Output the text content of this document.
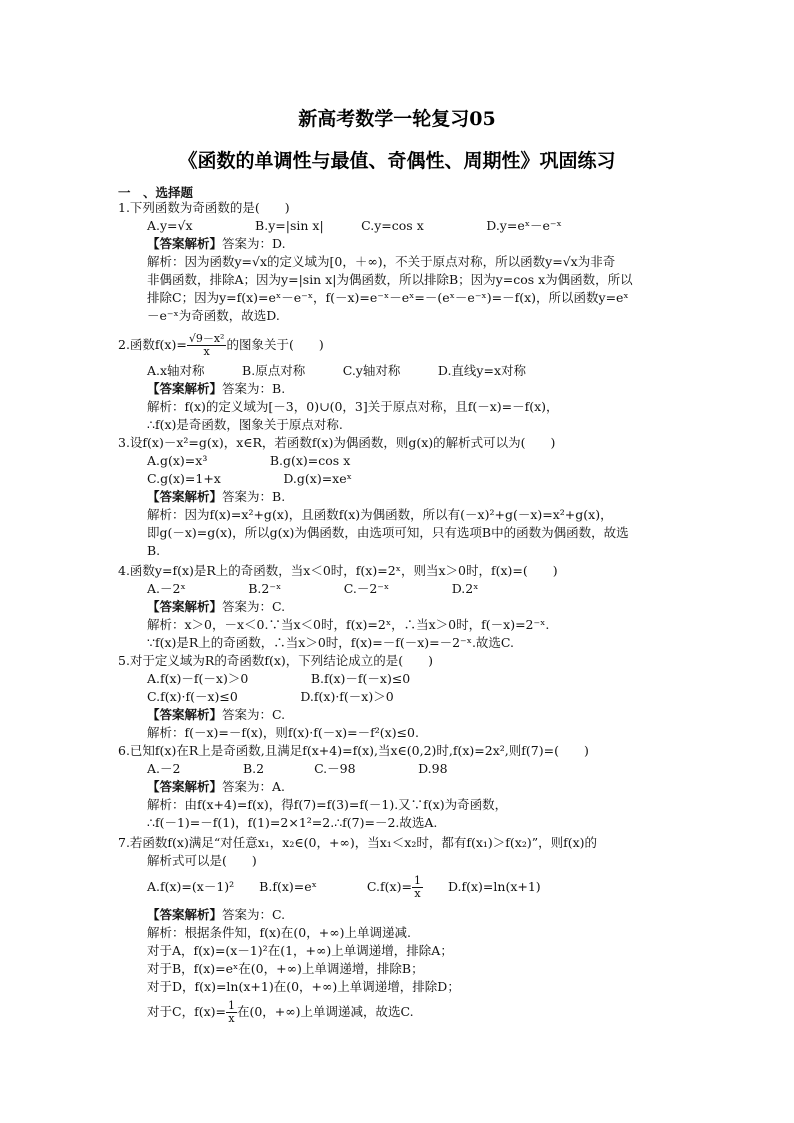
新高考数学一轮复习05
《函数的单调性与最值、奇偶性、周期性》巩固练习
一　、选择题
1.下列函数为奇函数的是(　　)
A.y=√x　　　　　B.y=|sin x|　　　C.y=cos x　　　　　D.y=eˣ－e⁻ˣ
【答案解析】答案为：D.
解析：因为函数y=√x的定义域为[0，＋∞)，不关于原点对称，所以函数y=√x为非奇
非偶函数，排除A；因为y=|sin x|为偶函数，所以排除B；因为y=cos x为偶函数，所以
排除C；因为y=f(x)=eˣ－e⁻ˣ，f(－x)=e⁻ˣ－eˣ=－(eˣ－e⁻ˣ)=－f(x)，所以函数y=eˣ
－e⁻ˣ为奇函数，故选D.
2.函数$f(x)= \frac{\text{√9－x²}}{x}$ 的图象关于(　　)
A.x轴对称　　　B.原点对称　　　C.y轴对称　　　D.直线y=x对称
【答案解析】答案为：B.
解析：f(x)的定义域为[－3，0)∪(0，3]关于原点对称，且f(－x)=－f(x)，
∴f(x)是奇函数，图象关于原点对称.
3.设f(x)－x²=g(x)，x∈R，若函数f(x)为偶函数，则g(x)的解析式可以为(　　)
A.g(x)=x³　　　　　B.g(x)=cos x
C.g(x)=1+x　　　　　D.g(x)=xeˣ
【答案解析】答案为：B.
解析：因为f(x)=x²+g(x)，且函数f(x)为偶函数，所以有(－x)²+g(－x)=x²+g(x)，
即g(－x)=g(x)，所以g(x)为偶函数，由选项可知，只有选项B中的函数为偶函数，故选
B.
4.函数y=f(x)是R上的奇函数，当x＜0时，f(x)=2ˣ，则当x＞0时，f(x)=(　　)
A.－2ˣ　　　　　B.2⁻ˣ　　　　　C.－2⁻ˣ　　　　　D.2ˣ
【答案解析】答案为：C.
解析：x＞0，－x＜0.∵当x＜0时，f(x)=2ˣ，∴当x＞0时，f(－x)=2⁻ˣ.
∵f(x)是R上的奇函数，∴当x＞0时，f(x)=－f(－x)=－2⁻ˣ.故选C.
5.对于定义域为R的奇函数f(x)，下列结论成立的是(　　)
A.f(x)－f(－x)＞0　　　　　B.f(x)－f(－x)≤0
C.f(x)·f(－x)≤0　　　　　D.f(x)·f(－x)＞0
【答案解析】答案为：C.
解析：f(－x)=－f(x)，则f(x)·f(－x)=－f²(x)≤0.
6.已知f(x)在R上是奇函数,且满足f(x+4)=f(x),当x∈(0,2)时,f(x)=2x²,则f(7)=(　　)
A.－2　　　　　B.2　　　　C.－98　　　　　D.98
【答案解析】答案为：A.
解析：由f(x+4)=f(x)，得f(7)=f(3)=f(－1).又∵f(x)为奇函数，
∴f(－1)=－f(1)，f(1)=2×1²=2.∴f(7)=－2.故选A.
7.若函数f(x)满足“对任意x₁，x₂∈(0，+∞)，当x₁＜x₂时，都有f(x₁)＞f(x₂)”，则f(x)的
解析式可以是(　　)
A.f(x)=(x－1)²　　B.f(x)=eˣ　　　　$C.f(x)= \frac{1}{x}$ 　　D.f(x)=ln(x+1)
【答案解析】答案为：C.
解析：根据条件知，f(x)在(0，+∞)上单调递减.
对于A，f(x)=(x－1)²在(1，+∞)上单调递增，排除A；
对于B，f(x)=eˣ在(0，+∞)上单调递增，排除B；
对于D，f(x)=ln(x+1)在(0，+∞)上单调递增，排除D；
对于C，$f(x)= \frac{1}{x}$ 在(0，+∞)上单调递减，故选C.
